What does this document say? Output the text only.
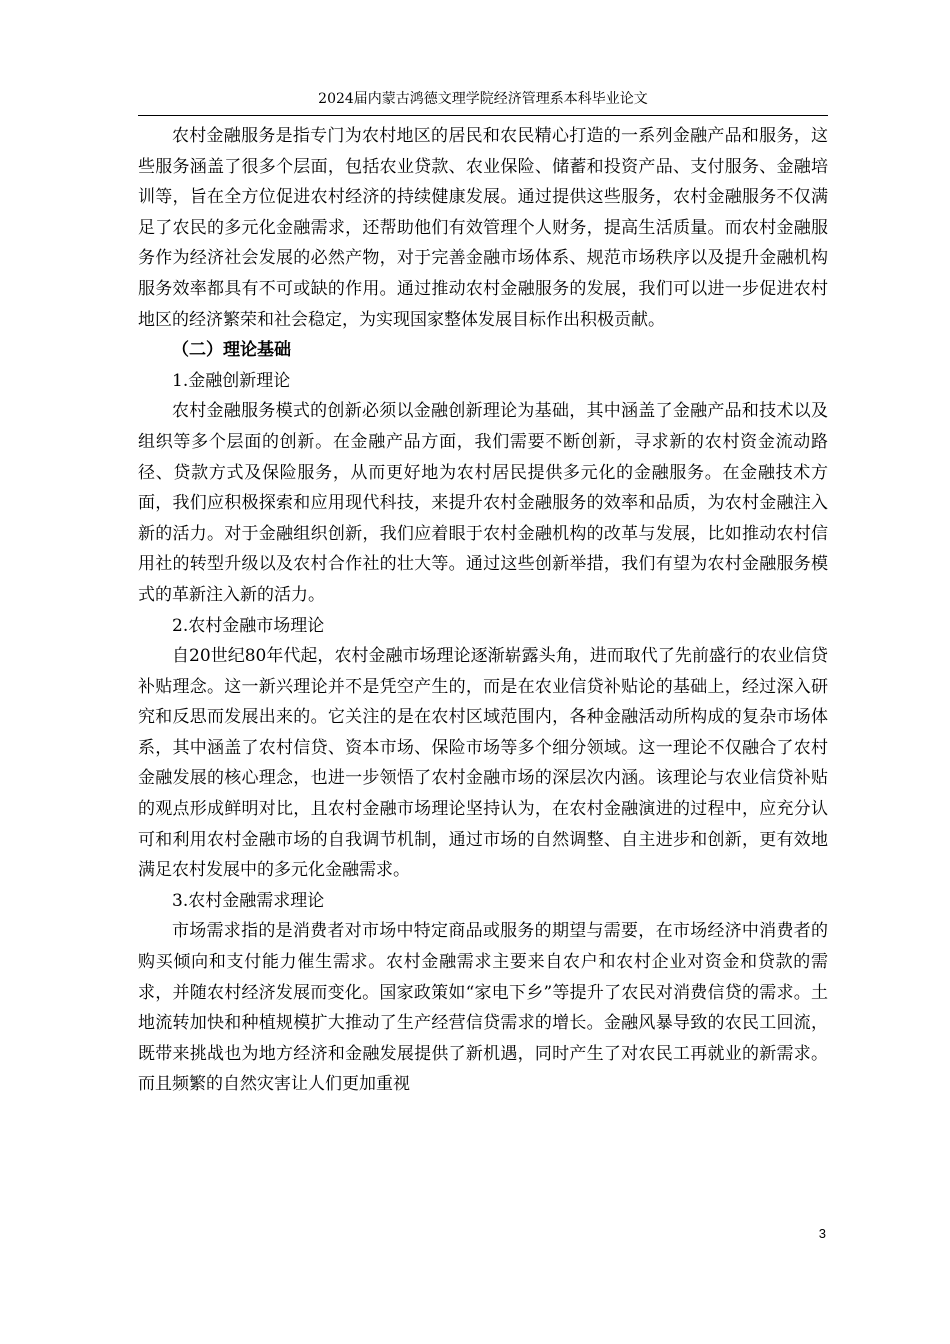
2024届内蒙古鸿德文理学院经济管理系本科毕业论文

农村金融服务是指专门为农村地区的居民和农民精心打造的一系列金融产品和服务，这些服务涵盖了很多个层面，包括农业贷款、农业保险、储蓄和投资产品、支付服务、金融培训等，旨在全方位促进农村经济的持续健康发展。通过提供这些服务，农村金融服务不仅满足了农民的多元化金融需求，还帮助他们有效管理个人财务，提高生活质量。而农村金融服务作为经济社会发展的必然产物，对于完善金融市场体系、规范市场秩序以及提升金融机构服务效率都具有不可或缺的作用。通过推动农村金融服务的发展，我们可以进一步促进农村地区的经济繁荣和社会稳定，为实现国家整体发展目标作出积极贡献。

（二）理论基础

1.金融创新理论

农村金融服务模式的创新必须以金融创新理论为基础，其中涵盖了金融产品和技术以及组织等多个层面的创新。在金融产品方面，我们需要不断创新，寻求新的农村资金流动路径、贷款方式及保险服务，从而更好地为农村居民提供多元化的金融服务。在金融技术方面，我们应积极探索和应用现代科技，来提升农村金融服务的效率和品质，为农村金融注入新的活力。对于金融组织创新，我们应着眼于农村金融机构的改革与发展，比如推动农村信用社的转型升级以及农村合作社的壮大等。通过这些创新举措，我们有望为农村金融服务模式的革新注入新的活力。

2.农村金融市场理论

自20世纪80年代起，农村金融市场理论逐渐崭露头角，进而取代了先前盛行的农业信贷补贴理念。这一新兴理论并不是凭空产生的，而是在农业信贷补贴论的基础上，经过深入研究和反思而发展出来的。它关注的是在农村区域范围内，各种金融活动所构成的复杂市场体系，其中涵盖了农村信贷、资本市场、保险市场等多个细分领域。这一理论不仅融合了农村金融发展的核心理念，也进一步领悟了农村金融市场的深层次内涵。该理论与农业信贷补贴的观点形成鲜明对比，且农村金融市场理论坚持认为，在农村金融演进的过程中，应充分认可和利用农村金融市场的自我调节机制，通过市场的自然调整、自主进步和创新，更有效地满足农村发展中的多元化金融需求。

3.农村金融需求理论

市场需求指的是消费者对市场中特定商品或服务的期望与需要，在市场经济中消费者的购买倾向和支付能力催生需求。农村金融需求主要来自农户和农村企业对资金和贷款的需求，并随农村经济发展而变化。国家政策如“家电下乡”等提升了农民对消费信贷的需求。土地流转加快和种植规模扩大推动了生产经营信贷需求的增长。金融风暴导致的农民工回流，既带来挑战也为地方经济和金融发展提供了新机遇，同时产生了对农民工再就业的新需求。而且频繁的自然灾害让人们更加重视

3
